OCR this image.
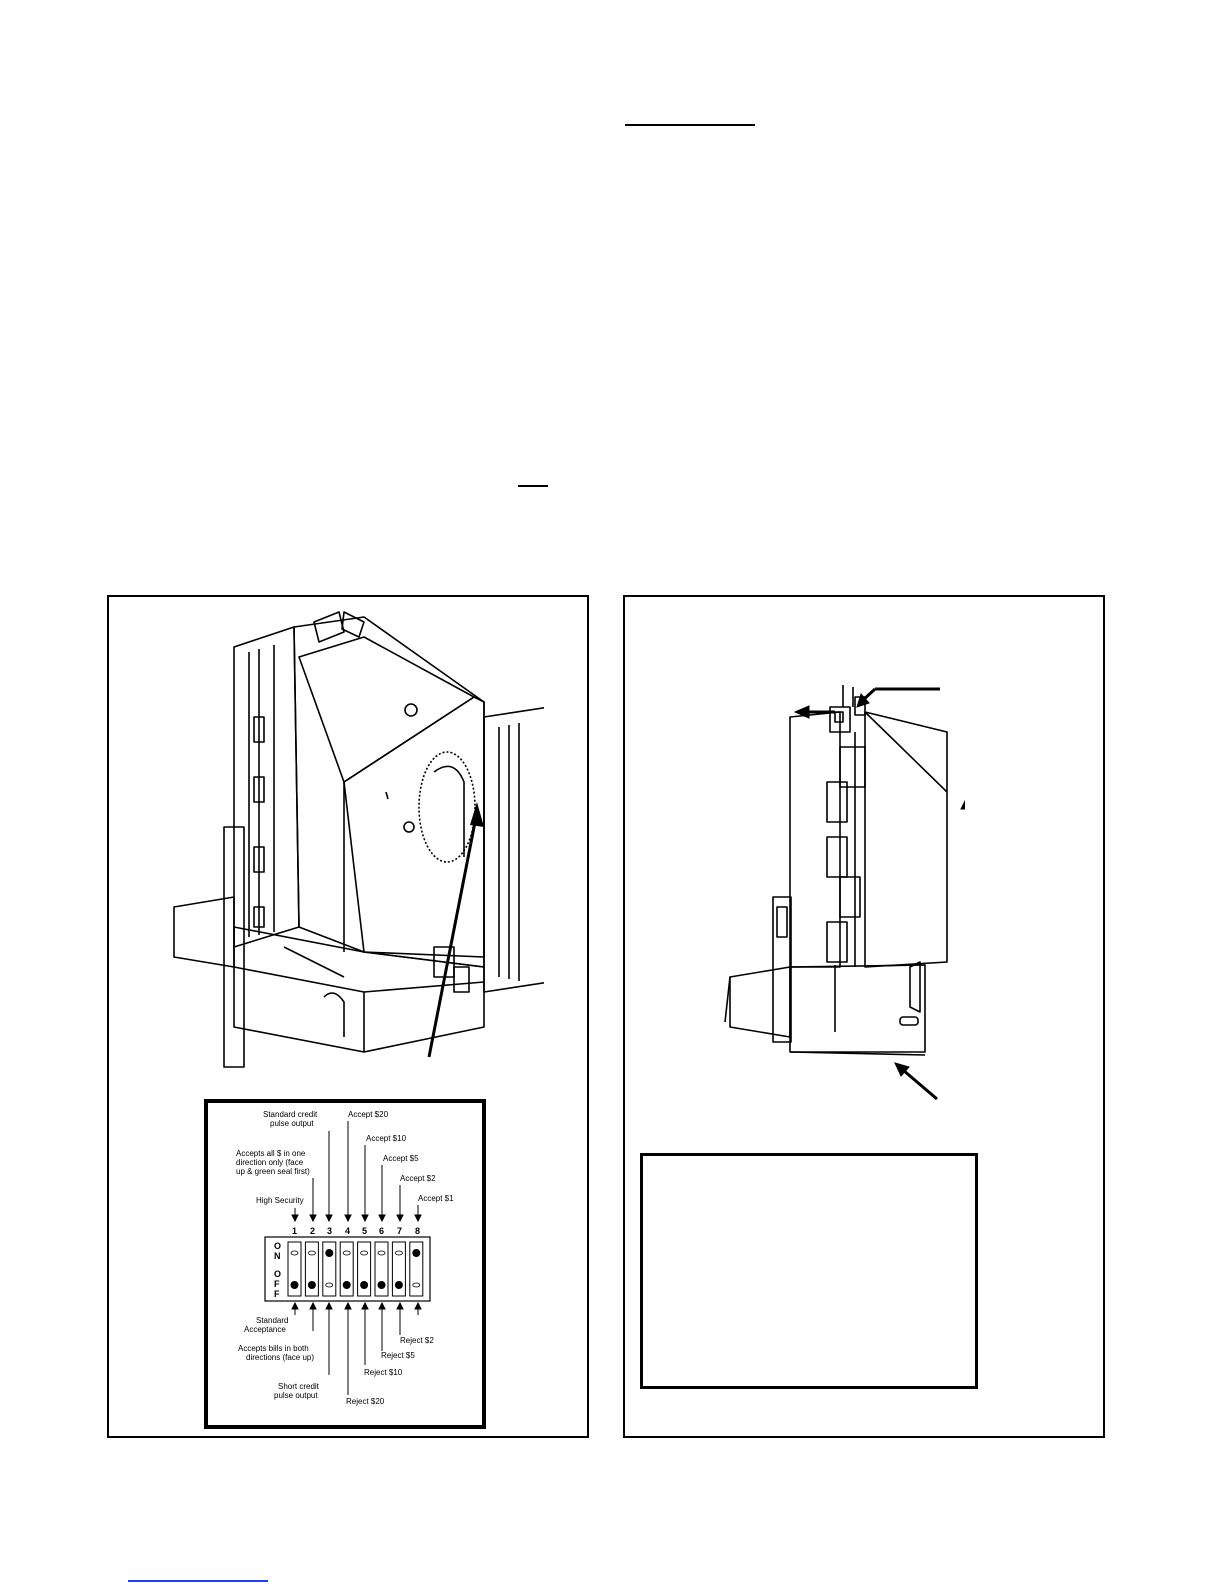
High Security
Accepts all $ in one
direction only (face
up & green seal first)
Standard credit
pulse output
Accept $20
Accept $10
Accept $5
Accept $2
Accept $1
1 2 3 4 5 6 7 8
O
N
O
F
F
Standard
Acceptance
Accepts bills in both
directions (face up)
Short credit
pulse output
Reject $20
Reject $10
Reject $5
Reject $2
